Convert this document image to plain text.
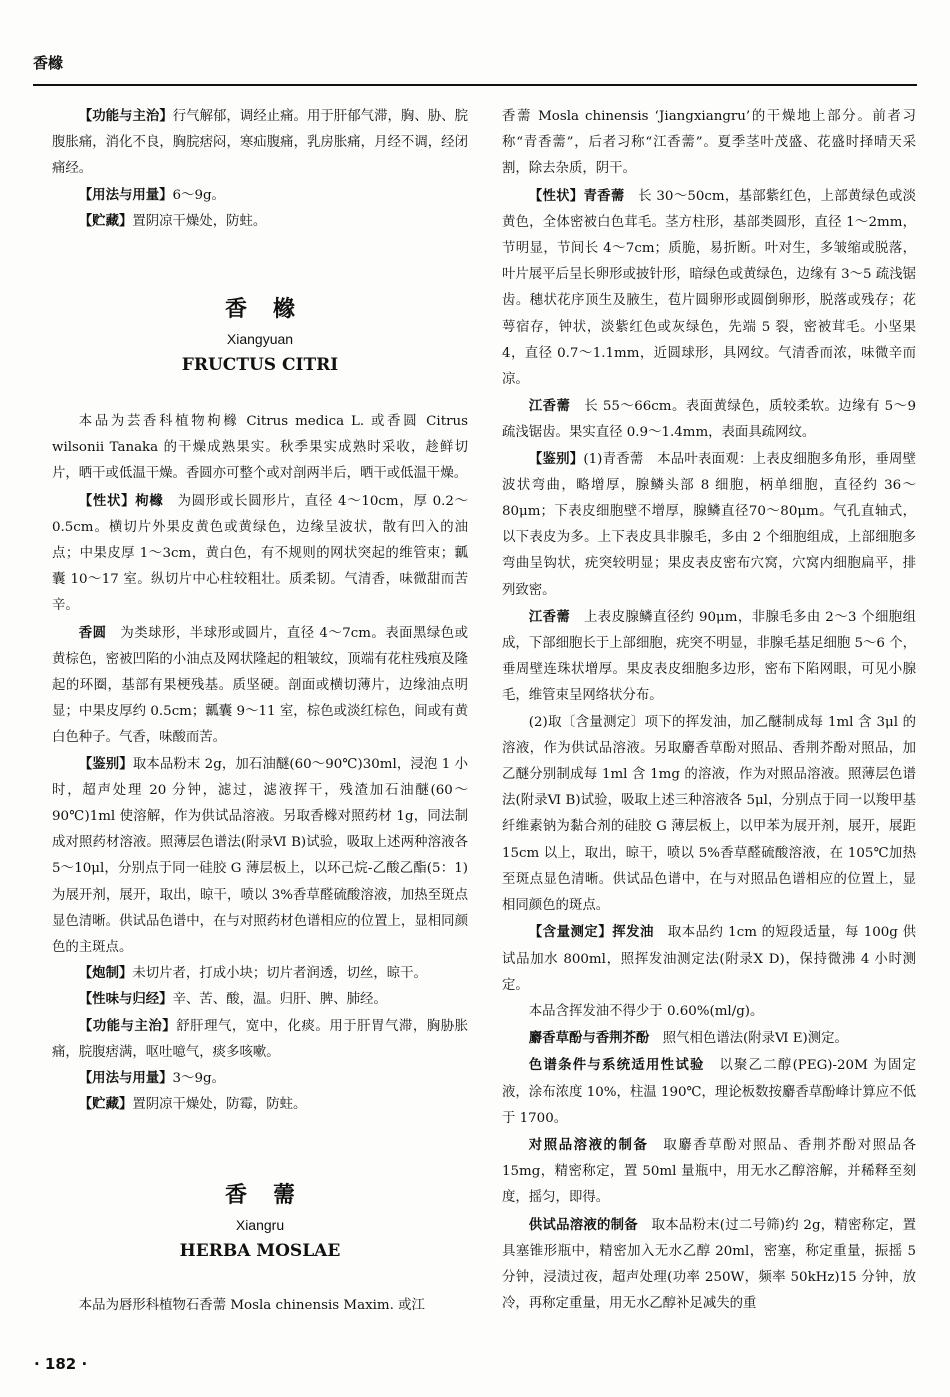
香橼

【功能与主治】行气解郁，调经止痛。用于肝郁气滞，胸、胁、脘腹胀痛，消化不良，胸脘痞闷，寒疝腹痛，乳房胀痛，月经不调，经闭痛经。

【用法与用量】6～9g。

【贮藏】置阴凉干燥处，防蛀。

香橼
Xiangyuan
FRUCTUS CITRI

本品为芸香科植物枸橼 Citrus medica L. 或香圆 Citrus wilsonii Tanaka 的干燥成熟果实。秋季果实成熟时采收，趁鲜切片，晒干或低温干燥。香圆亦可整个或对剖两半后，晒干或低温干燥。

【性状】枸橼　 为圆形或长圆形片，直径 4～10cm，厚 0.2～0.5cm。横切片外果皮黄色或黄绿色，边缘呈波状，散有凹入的油点；中果皮厚 1～3cm，黄白色，有不规则的网状突起的维管束；瓤囊 10～17 室。纵切片中心柱较粗壮。质柔韧。气清香，味微甜而苦辛。

香圆　 为类球形，半球形或圆片，直径 4～7cm。表面黑绿色或黄棕色，密被凹陷的小油点及网状隆起的粗皱纹，顶端有花柱残痕及隆起的环圈，基部有果梗残基。质坚硬。剖面或横切薄片，边缘油点明显；中果皮厚约 0.5cm；瓤囊 9～11 室，棕色或淡红棕色，间或有黄白色种子。气香，味酸而苦。

【鉴别】取本品粉末 2g，加石油醚(60～90℃)30ml，浸泡 1 小时，超声处理 20 分钟，滤过，滤液挥干，残渣加石油醚(60～90℃)1ml 使溶解，作为供试品溶液。另取香橼对照药材 1g，同法制成对照药材溶液。照薄层色谱法(附录Ⅵ B)试验，吸取上述两种溶液各 5～10μl，分别点于同一硅胶 G 薄层板上，以环己烷-乙酸乙酯(5：1)为展开剂，展开，取出，晾干，喷以 3%香草醛硫酸溶液，加热至斑点显色清晰。供试品色谱中，在与对照药材色谱相应的位置上，显相同颜色的主斑点。

【炮制】未切片者，打成小块；切片者润透，切丝，晾干。

【性味与归经】辛、苦、酸，温。归肝、脾、肺经。

【功能与主治】舒肝理气，宽中，化痰。用于肝胃气滞，胸胁胀痛，脘腹痞满，呕吐噫气，痰多咳嗽。

【用法与用量】3～9g。

【贮藏】置阴凉干燥处，防霉，防蛀。

香薷
Xiangru
HERBA MOSLAE

本品为唇形科植物石香薷 Mosla chinensis Maxim. 或江

香薷 Mosla chinensis ‘Jiangxiangru’的干燥地上部分。前者习称“青香薷”，后者习称“江香薷”。夏季茎叶茂盛、花盛时择晴天采割，除去杂质，阴干。

【性状】青香薷　 长 30～50cm，基部紫红色，上部黄绿色或淡黄色，全体密被白色茸毛。茎方柱形，基部类圆形，直径 1～2mm，节明显，节间长 4～7cm；质脆，易折断。叶对生，多皱缩或脱落，叶片展平后呈长卵形或披针形，暗绿色或黄绿色，边缘有 3～5 疏浅锯齿。穗状花序顶生及腋生，苞片圆卵形或圆倒卵形，脱落或残存；花萼宿存，钟状，淡紫红色或灰绿色，先端 5 裂，密被茸毛。小坚果 4，直径 0.7～1.1mm，近圆球形，具网纹。气清香而浓，味微辛而凉。

江香薷　 长 55～66cm。表面黄绿色，质较柔软。边缘有 5～9 疏浅锯齿。果实直径 0.9～1.4mm，表面具疏网纹。

【鉴别】(1)青香薷　本品叶表面观：上表皮细胞多角形，垂周壁波状弯曲，略增厚，腺鳞头部 8 细胞，柄单细胞，直径约 36～80μm；下表皮细胞壁不增厚，腺鳞直径70～80μm。气孔直轴式，以下表皮为多。上下表皮具非腺毛，多由 2 个细胞组成，上部细胞多弯曲呈钩状，疣突较明显；果皮表皮密布穴窝，穴窝内细胞扁平，排列致密。

江香薷　 上表皮腺鳞直径约 90μm，非腺毛多由 2～3 个细胞组成，下部细胞长于上部细胞，疣突不明显，非腺毛基足细胞 5～6 个，垂周壁连珠状增厚。果皮表皮细胞多边形，密布下陷网眼，可见小腺毛，维管束呈网络状分布。

(2)取〔含量测定〕项下的挥发油，加乙醚制成每 1ml 含 3μl 的溶液，作为供试品溶液。另取麝香草酚对照品、香荆芥酚对照品，加乙醚分别制成每 1ml 含 1mg 的溶液，作为对照品溶液。照薄层色谱法(附录Ⅵ B)试验，吸取上述三种溶液各 5μl，分别点于同一以羧甲基纤维素钠为黏合剂的硅胶 G 薄层板上，以甲苯为展开剂，展开，展距 15cm 以上，取出，晾干，喷以 5%香草醛硫酸溶液，在 105℃加热至斑点显色清晰。供试品色谱中，在与对照品色谱相应的位置上，显相同颜色的斑点。

【含量测定】挥发油　 取本品约 1cm 的短段适量，每 100g 供试品加水 800ml，照挥发油测定法(附录Ⅹ D)，保持微沸 4 小时测定。

本品含挥发油不得少于 0.60%(ml/g)。

麝香草酚与香荆芥酚　 照气相色谱法(附录Ⅵ E)测定。

色谱条件与系统适用性试验　 以聚乙二醇(PEG)-20M 为固定液，涂布浓度 10%，柱温 190℃，理论板数按麝香草酚峰计算应不低于 1700。

对照品溶液的制备　 取麝香草酚对照品、香荆芥酚对照品各 15mg，精密称定，置 50ml 量瓶中，用无水乙醇溶解，并稀释至刻度，摇匀，即得。

供试品溶液的制备　 取本品粉末(过二号筛)约 2g，精密称定，置具塞锥形瓶中，精密加入无水乙醇 20ml，密塞，称定重量，振摇 5 分钟，浸渍过夜，超声处理(功率 250W，频率 50kHz)15 分钟，放冷，再称定重量，用无水乙醇补足减失的重

· 182 ·
